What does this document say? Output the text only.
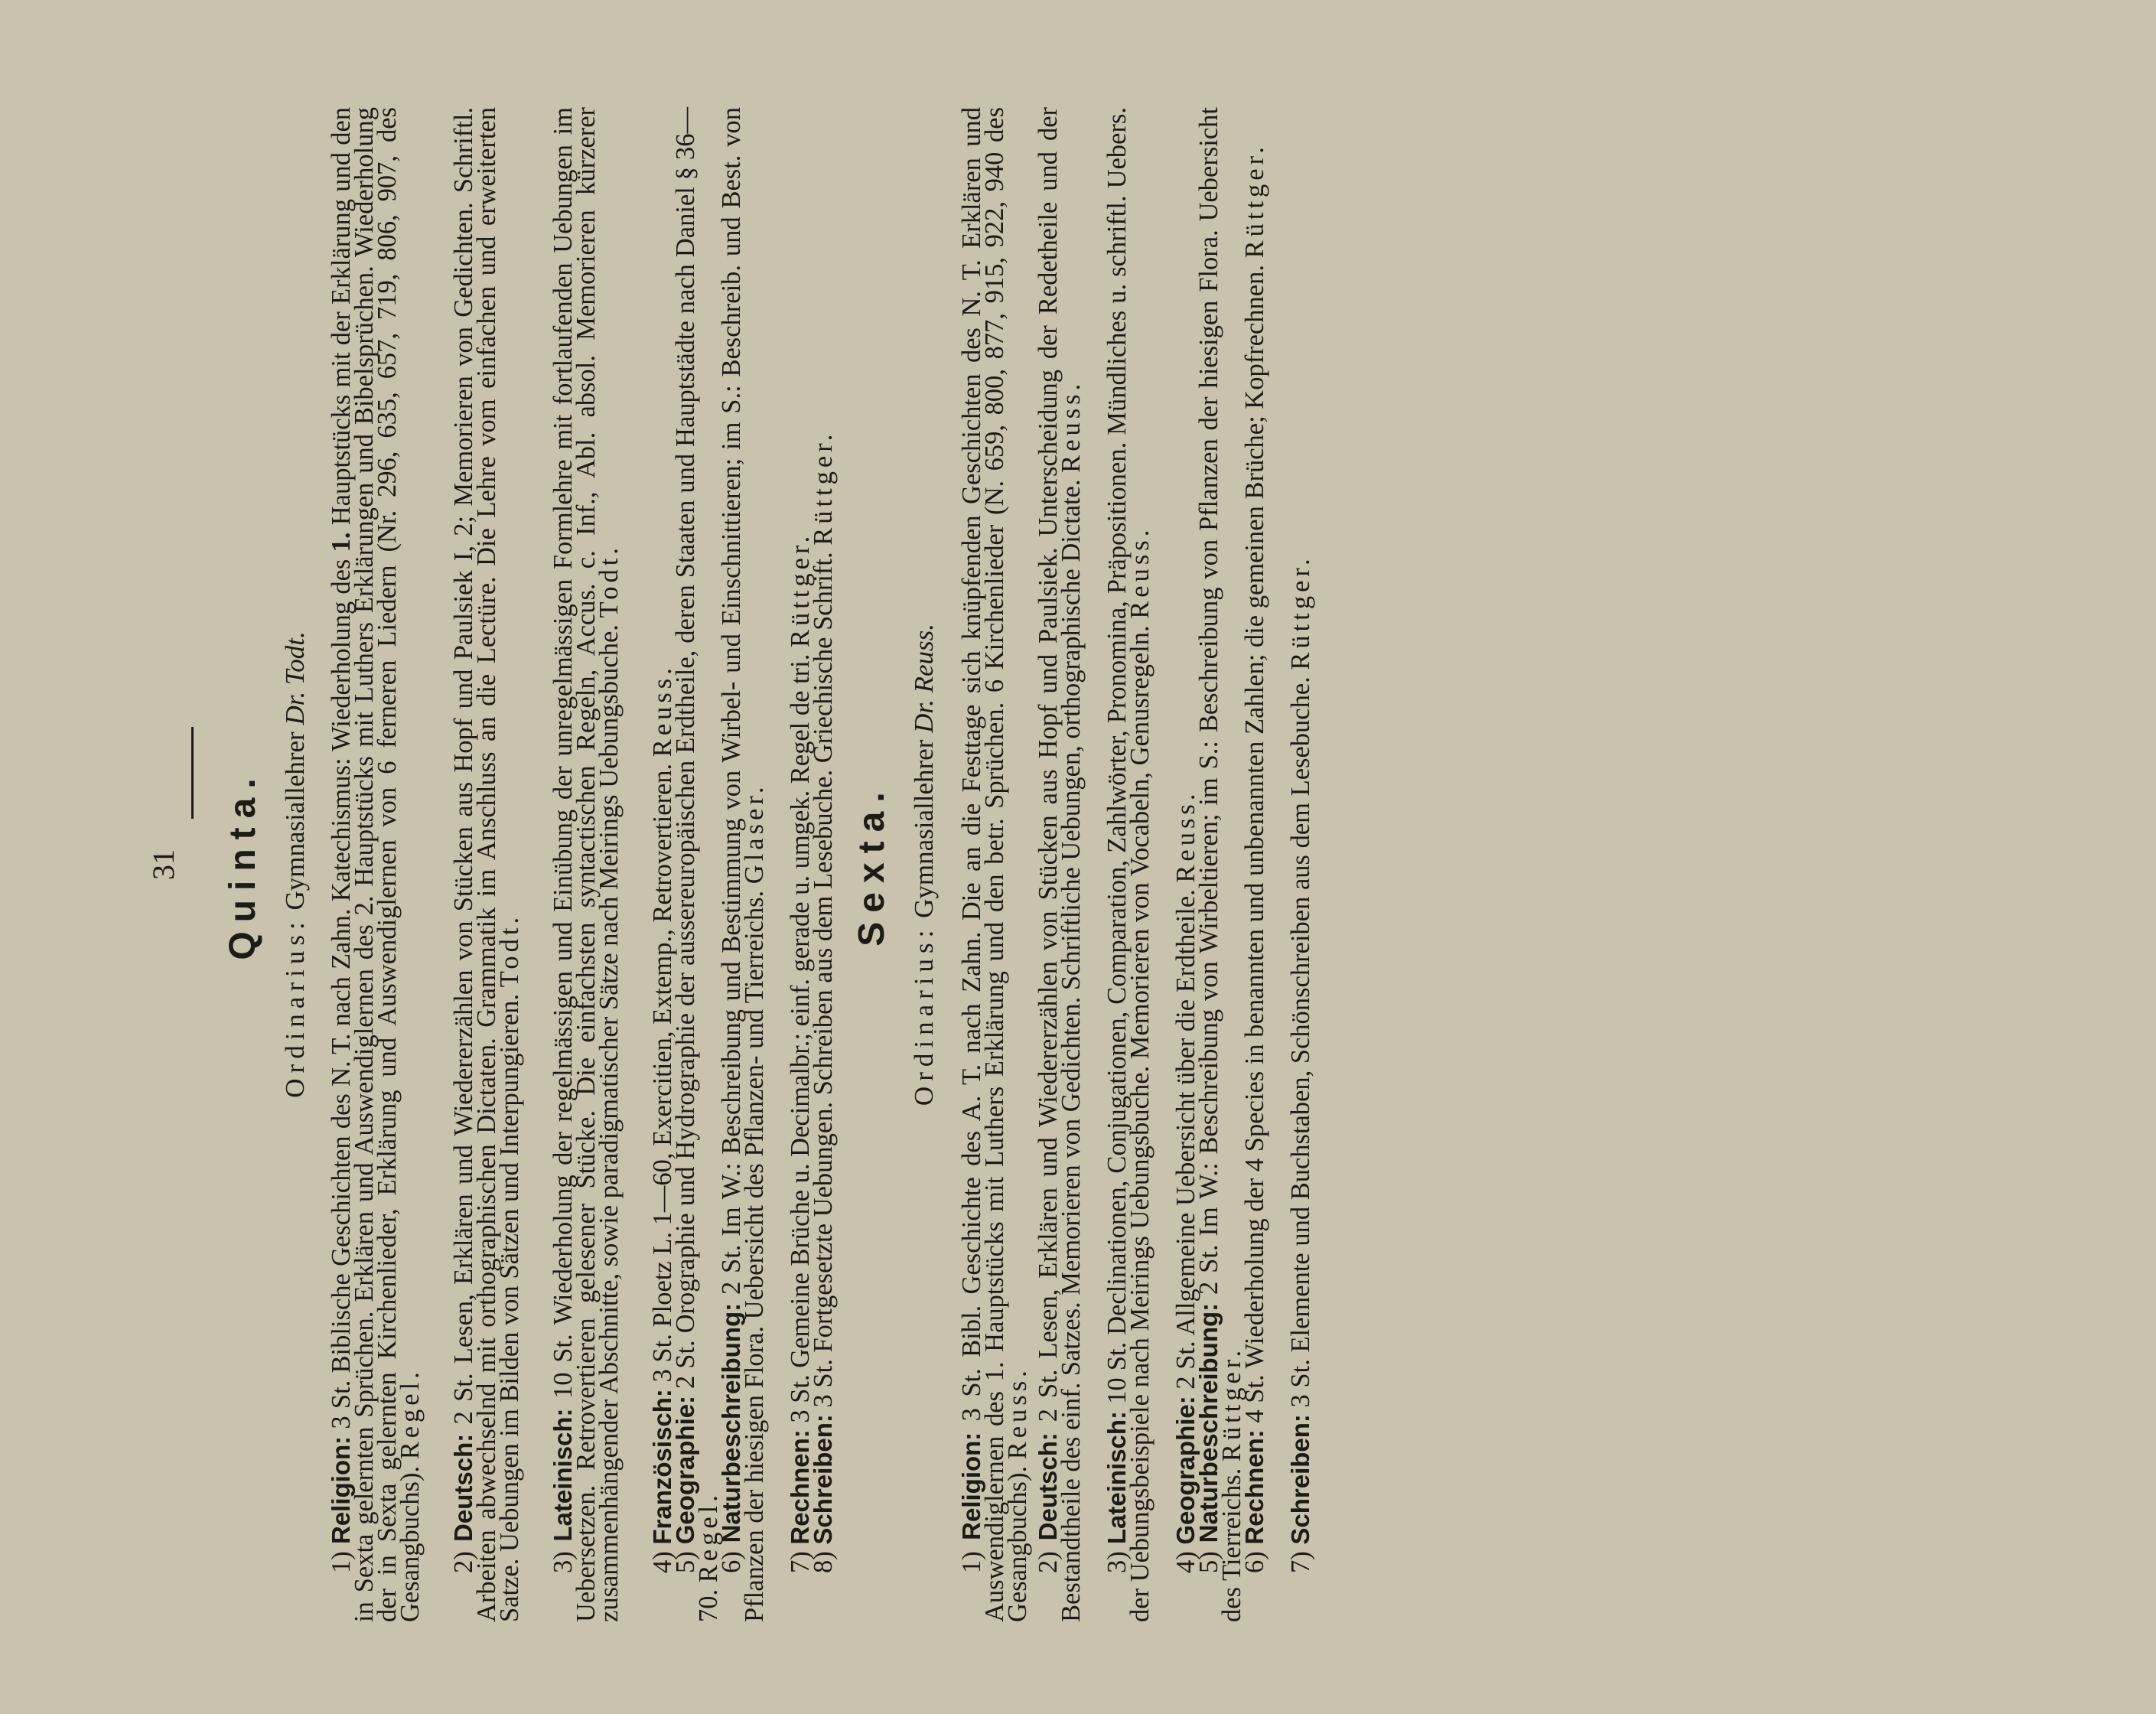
31 Quinta.
Ordinarius: Gymnasiallehrer Dr. Todt.

1) Religion: 3 St. Biblische Geschichten des N. T. nach Zahn. Katechismus: Wiederholung des 1. Hauptstücks mit der Erklärung und den in Sexta gelernten Sprüchen. Erklären und Auswendiglernen des 2. Hauptstücks mit Luthers Erklärungen und Bibelsprüchen. Wiederholung der in Sexta gelernten Kirchenlieder, Erklärung und Auswendiglernen von 6 ferneren Liedern (Nr. 296, 635, 657, 719, 806, 907, des Gesangbuchs). Regel.

2) Deutsch: 2 St. Lesen, Erklären und Wiedererzählen von Stücken aus Hopf und Paulsiek I, 2; Memorieren von Gedichten. Schriftl. Arbeiten abwechselnd mit orthographischen Dictaten. Grammatik im Anschluss an die Lectüre. Die Lehre vom einfachen und erweiterten Satze. Uebungen im Bilden von Sätzen und Interpungieren. Todt.

3) Lateinisch: 10 St. Wiederholung der regelmässigen und Einübung der unregelmässigen Formlehre mit fortlaufenden Uebungen im Uebersetzen. Retrovertieren gelesener Stücke. Die einfachsten syntactischen Regeln, Accus. c. Inf., Abl. absol. Memorieren kürzerer zusammenhängender Abschnitte, sowie paradigmatischer Sätze nach Meirings Uebungsbuche. Todt.

4) Französisch: 3 St. Ploetz L. 1—60, Exercitien, Extemp., Retrovertieren. Reuss.

5) Geographie: 2 St. Orographie und Hydrographie der aussereuropäischen Erdtheile, deren Staaten und Hauptstädte nach Daniel § 36—70. Regel.

6) Naturbeschreibung: 2 St. Im W.: Beschreibung und Bestimmung von Wirbel- und Einschnittieren; im S.: Beschreib. und Best. von Pflanzen der hiesigen Flora. Uebersicht des Pflanzen- und Tierreichs. Glaser.

7) Rechnen: 3 St. Gemeine Brüche u. Decimalbr.; einf. gerade u. umgek. Regel de tri. Rüttger.

8) Schreiben: 3 St. Fortgesetzte Uebungen. Schreiben aus dem Lesebuche. Griechische Schrift. Rüttger.

Sexta.
Ordinarius: Gymnasiallehrer Dr. Reuss.

1) Religion: 3 St. Bibl. Geschichte des A. T. nach Zahn. Die an die Festtage sich knüpfenden Geschichten des N. T. Erklären und Auswendiglernen des 1. Hauptstücks mit Luthers Erklärung und den betr. Sprüchen. 6 Kirchenlieder (N. 659, 800, 877, 915, 922, 940 des Gesangbuchs). Reuss.

2) Deutsch: 2 St. Lesen, Erklären und Wiedererzählen von Stücken aus Hopf und Paulsiek. Unterscheidung der Redetheile und der Bestandtheile des einf. Satzes. Memorieren von Gedichten. Schriftliche Uebungen, orthographische Dictate. Reuss.

3) Lateinisch: 10 St. Declinationen, Conjugationen, Comparation, Zahlwörter, Pronomina, Präpositionen. Mündliches u. schriftl. Uebers. der Uebungsbeispiele nach Meirings Uebungsbuche. Memorieren von Vocabeln, Genusregeln. Reuss.

4) Geographie: 2 St. Allgemeine Uebersicht über die Erdtheile. Reuss.

5) Naturbeschreibung: 2 St. Im W.: Beschreibung von Wirbeltieren; im S.: Beschreibung von Pflanzen der hiesigen Flora. Uebersicht des Tierreichs. Rüttger.

6) Rechnen: 4 St. Wiederholung der 4 Species in benannten und unbenannten Zahlen; die gemeinen Brüche; Kopfrechnen. Rüttger.

7) Schreiben: 3 St. Elemente und Buchstaben, Schönschreiben aus dem Lesebuche. Rüttger.
